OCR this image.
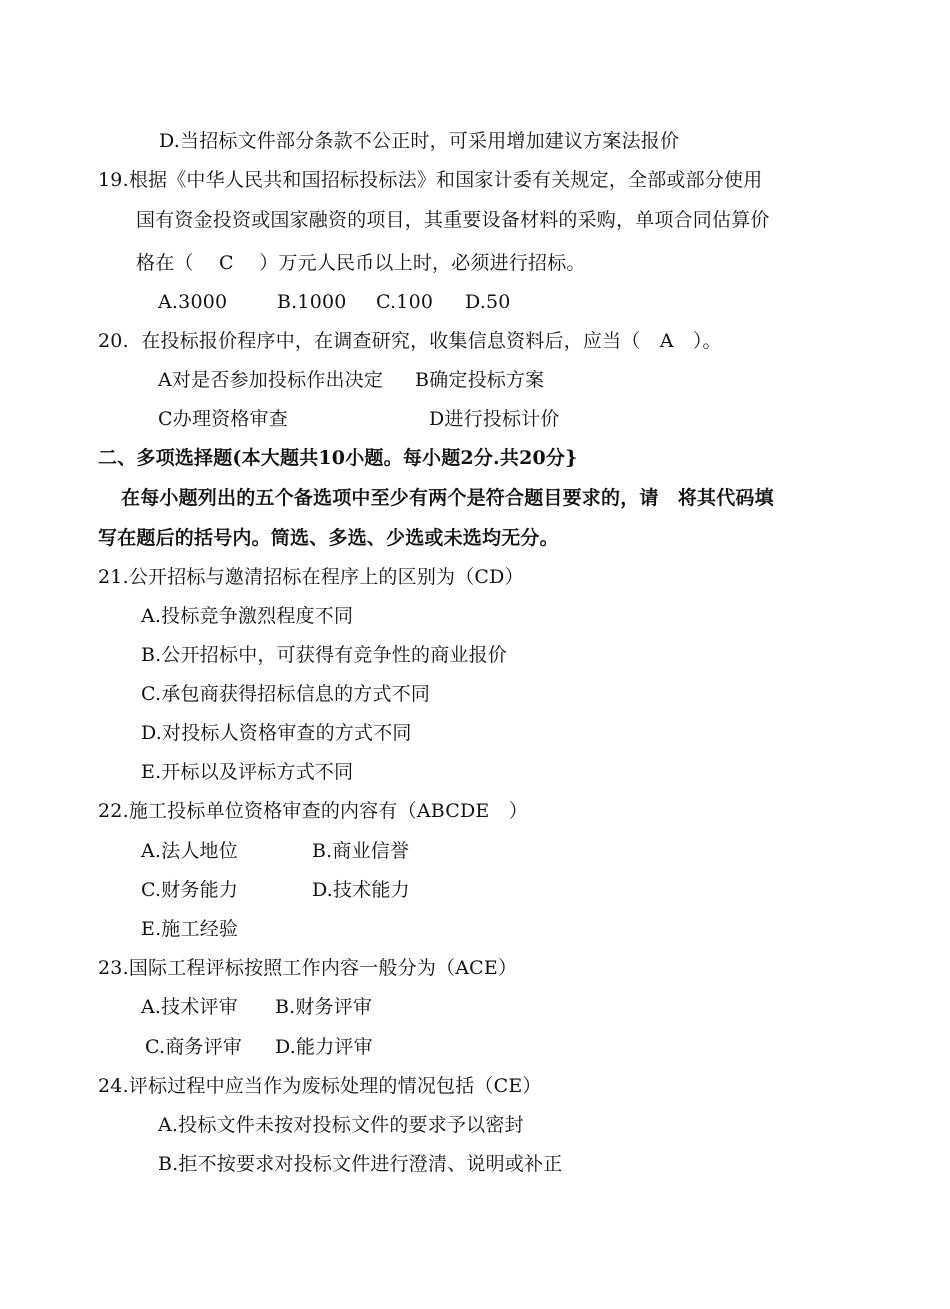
D.当招标文件部分条款不公正时，可采用增加建议方案法报价
19.根据《中华人民共和国招标投标法》和国家计委有关规定，全部或部分使用
国有资金投资或国家融资的项目，其重要设备材料的采购，单项合同估算价
格在（　 C　 ）万元人民币以上时，必须进行招标。

A.3000

	B.1000

C.100

D.50

20.  在投标报价程序中，在调查研究，收集信息资料后，应当（　A　）。

A对是否参加投标作出决定

B确定投标方案

C办理资格审查

	D进行投标计价

二、多项选择题(本大题共10小题。每小题2分.共20分}
在每小题列出的五个备选项中至少有两个是符合题目要求的，请　将其代码填
写在题后的括号内。筒选、多选、少选或未选均无分。
21.公开招标与邀清招标在程序上的区别为（CD）
A.投标竞争激烈程度不同
B.公开招标中，可获得有竞争性的商业报价
C.承包商获得招标信息的方式不同
D.对投标人资格审查的方式不同
E.开标以及评标方式不同
22.施工投标单位资格审查的内容有（ABCDE　）

A.法人地位

	B.商业信誉

C.财务能力

	D.技术能力

E.施工经验
23.国际工程评标按照工作内容一般分为（ACE）

A.技术评审

B.财务评审

C.商务评审

D.能力评审

24.评标过程中应当作为废标处理的情况包括（CE）
A.投标文件未按对投标文件的要求予以密封
B.拒不按要求对投标文件进行澄清、说明或补正
